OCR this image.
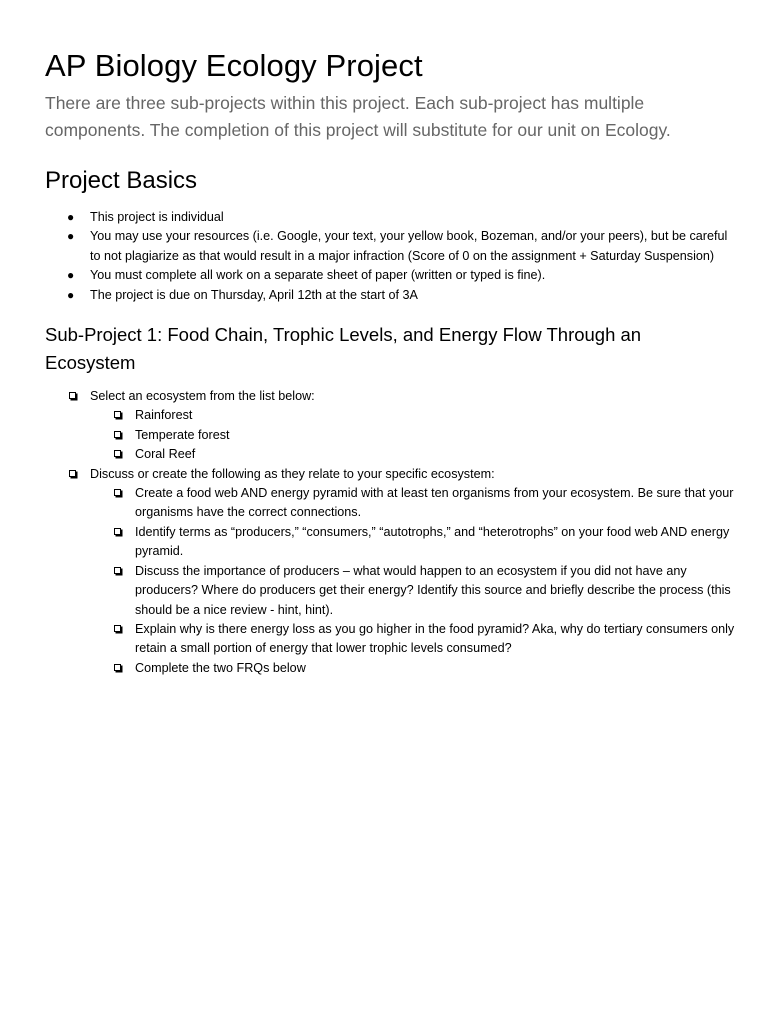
AP Biology Ecology Project

There are three sub-projects within this project. Each sub-project has multiple components. The completion of this project will substitute for our unit on Ecology.

Project Basics
● This project is individual
● You may use your resources (i.e. Google, your text, your yellow book, Bozeman, and/or your peers), but be careful to not plagiarize as that would result in a major infraction (Score of 0 on the assignment + Saturday Suspension)
● You must complete all work on a separate sheet of paper (written or typed is fine).
● The project is due on Thursday, April 12th at the start of 3A
Sub-Project 1: Food Chain, Trophic Levels, and Energy Flow Through an Ecosystem
Select an ecosystem from the list below:
Rainforest
Temperate forest
Coral Reef
Discuss or create the following as they relate to your specific ecosystem:
Create a food web AND energy pyramid with at least ten organisms from your ecosystem. Be sure that your organisms have the correct connections.
Identify terms as “producers,” “consumers,” “autotrophs,” and “heterotrophs” on your food web AND energy pyramid.
Discuss the importance of producers – what would happen to an ecosystem if you did not have any producers? Where do producers get their energy? Identify this source and briefly describe the process (this should be a nice review - hint, hint).
Explain why is there energy loss as you go higher in the food pyramid? Aka, why do tertiary consumers only retain a small portion of energy that lower trophic levels consumed?
Complete the two FRQs below
